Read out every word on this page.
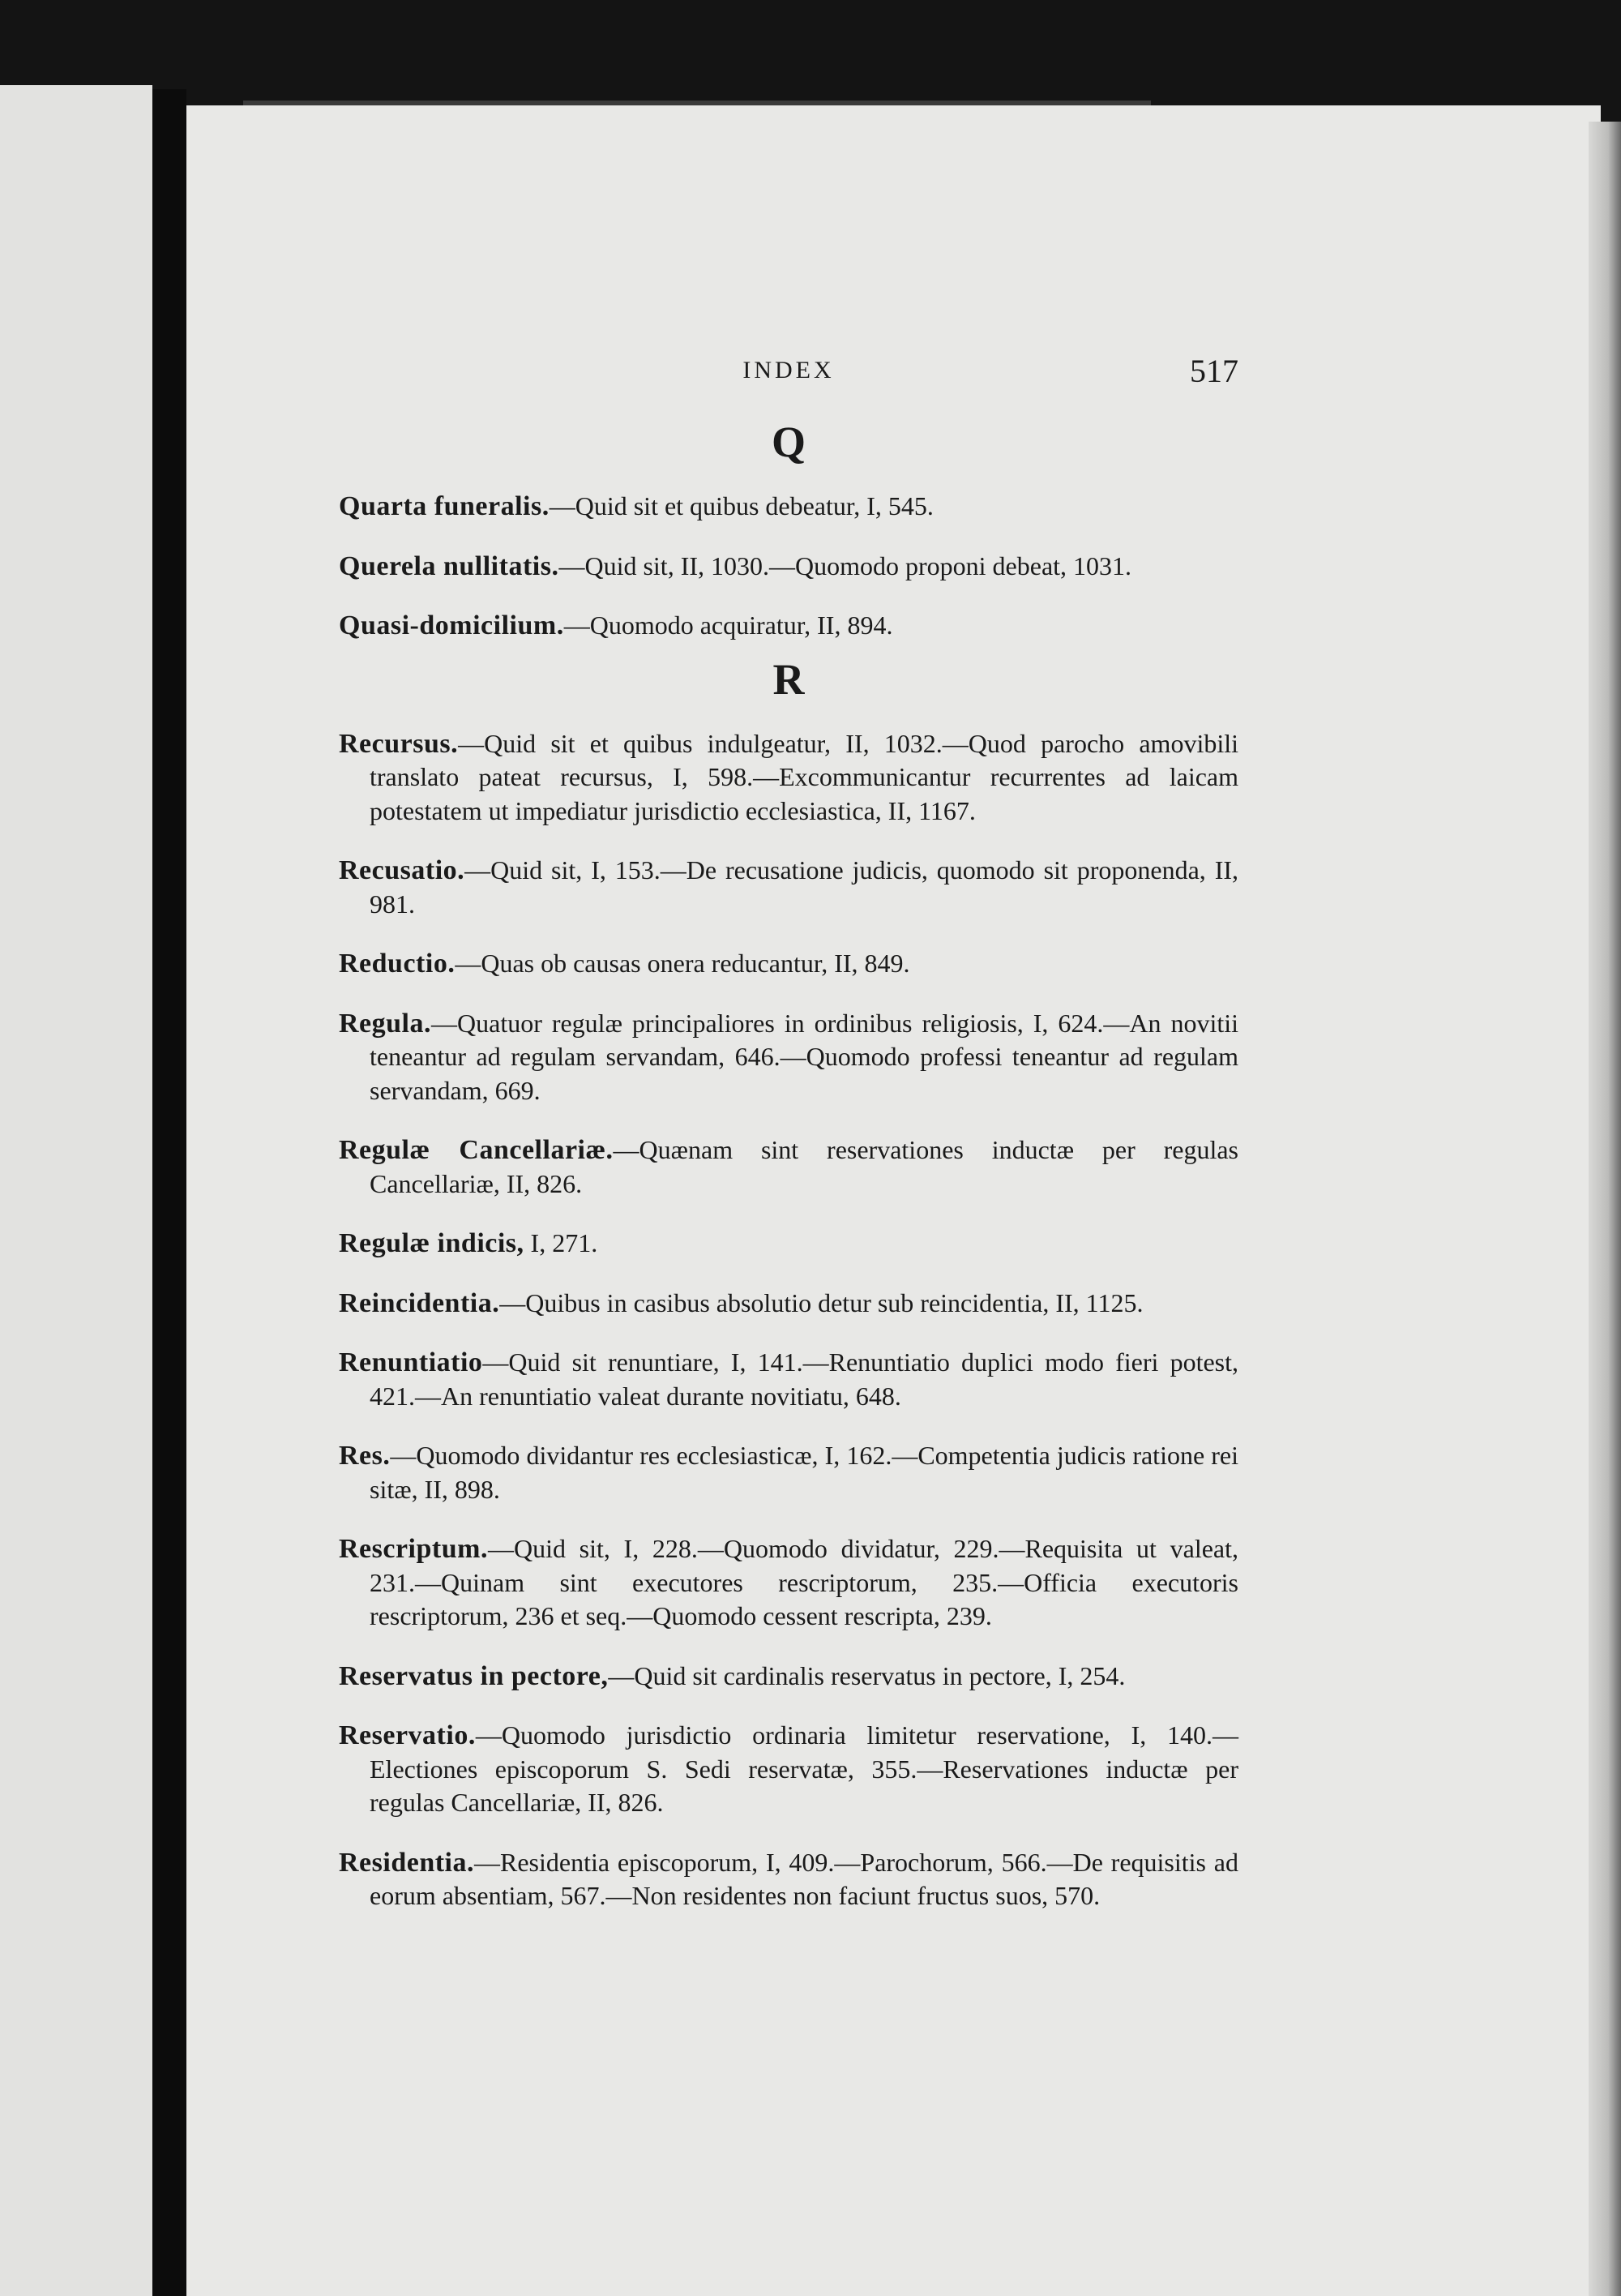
INDEX	517
Q

Quarta funeralis.—Quid sit et quibus debeatur, I, 545.

Querela nullitatis.—Quid sit, II, 1030.—Quomodo proponi debeat, 1031.

Quasi-domicilium.—Quomodo acquiratur, II, 894.

R

Recursus.—Quid sit et quibus indulgeatur, II, 1032.—Quod parocho amovibili translato pateat recursus, I, 598.—Excommunicantur recurrentes ad laicam potestatem ut impediatur jurisdictio ecclesiastica, II, 1167.

Recusatio.—Quid sit, I, 153.—De recusatione judicis, quomodo sit proponenda, II, 981.

Reductio.—Quas ob causas onera reducantur, II, 849.

Regula.—Quatuor regulæ principaliores in ordinibus religiosis, I, 624.—An novitii teneantur ad regulam servandam, 646.—Quomodo professi teneantur ad regulam servandam, 669.

Regulæ Cancellariæ.—Quænam sint reservationes inductæ per regulas Cancellariæ, II, 826.

Regulæ indicis, I, 271.

Reincidentia.—Quibus in casibus absolutio detur sub reincidentia, II, 1125.

Renuntiatio—Quid sit renuntiare, I, 141.—Renuntiatio duplici modo fieri potest, 421.—An renuntiatio valeat durante novitiatu, 648.

Res.—Quomodo dividantur res ecclesiasticæ, I, 162.—Competentia judicis ratione rei sitæ, II, 898.

Rescriptum.—Quid sit, I, 228.—Quomodo dividatur, 229.—Requisita ut valeat, 231.—Quinam sint executores rescriptorum, 235.—Officia executoris rescriptorum, 236 et seq.—Quomodo cessent rescripta, 239.

Reservatus in pectore,—Quid sit cardinalis reservatus in pectore, I, 254.

Reservatio.—Quomodo jurisdictio ordinaria limitetur reservatione, I, 140.—Electiones episcoporum S. Sedi reservatæ, 355.—Reservationes inductæ per regulas Cancellariæ, II, 826.

Residentia.—Residentia episcoporum, I, 409.—Parochorum, 566.—De requisitis ad eorum absentiam, 567.—Non residentes non faciunt fructus suos, 570.
